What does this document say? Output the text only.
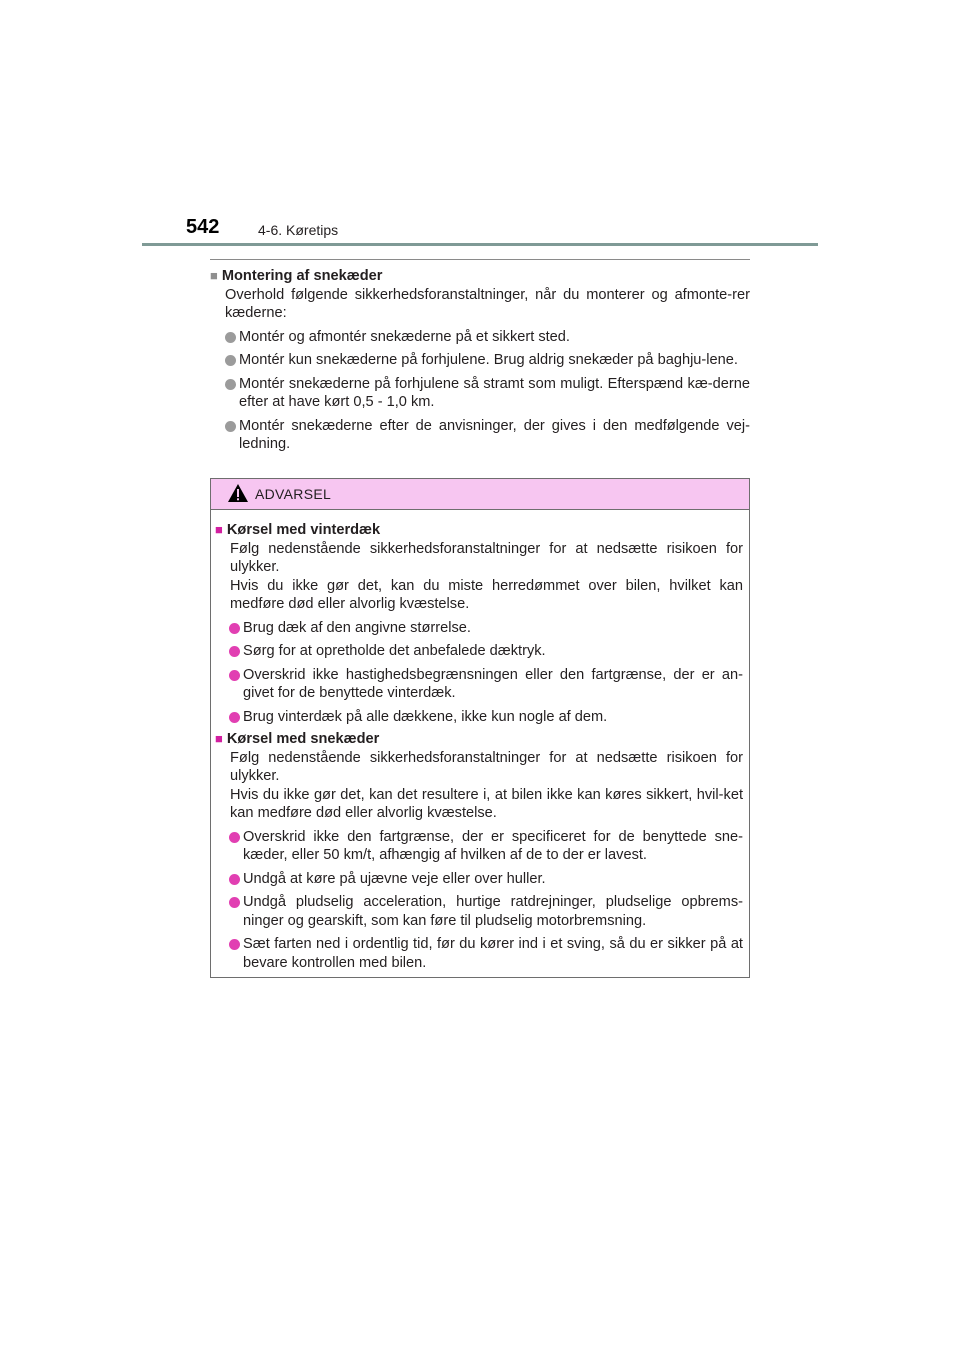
542	4-6. Køretips

■ Montering af snekæder

Overhold følgende sikkerhedsforanstaltninger, når du monterer og afmonte-rer kæderne:

Montér og afmontér snekæderne på et sikkert sted.

Montér kun snekæderne på forhjulene. Brug aldrig snekæder på baghju-lene.

Montér snekæderne på forhjulene så stramt som muligt. Efterspænd kæ-derne efter at have kørt 0,5 - 1,0 km.

Montér snekæderne efter de anvisninger, der gives i den medfølgende vej-ledning.

ADVARSEL

■ Kørsel med vinterdæk

Følg nedenstående sikkerhedsforanstaltninger for at nedsætte risikoen for ulykker.

Hvis du ikke gør det, kan du miste herredømmet over bilen, hvilket kan medføre død eller alvorlig kvæstelse.

Brug dæk af den angivne størrelse.

Sørg for at opretholde det anbefalede dæktryk.

Overskrid ikke hastighedsbegrænsningen eller den fartgrænse, der er an-givet for de benyttede vinterdæk.

Brug vinterdæk på alle dækkene, ikke kun nogle af dem.

■ Kørsel med snekæder

Følg nedenstående sikkerhedsforanstaltninger for at nedsætte risikoen for ulykker.

Hvis du ikke gør det, kan det resultere i, at bilen ikke kan køres sikkert, hvil-ket kan medføre død eller alvorlig kvæstelse.

Overskrid ikke den fartgrænse, der er specificeret for de benyttede sne-kæder, eller 50 km/t, afhængig af hvilken af de to der er lavest.

Undgå at køre på ujævne veje eller over huller.

Undgå pludselig acceleration, hurtige ratdrejninger, pludselige opbrems-ninger og gearskift, som kan føre til pludselig motorbremsning.

Sæt farten ned i ordentlig tid, før du kører ind i et sving, så du er sikker på at bevare kontrollen med bilen.
